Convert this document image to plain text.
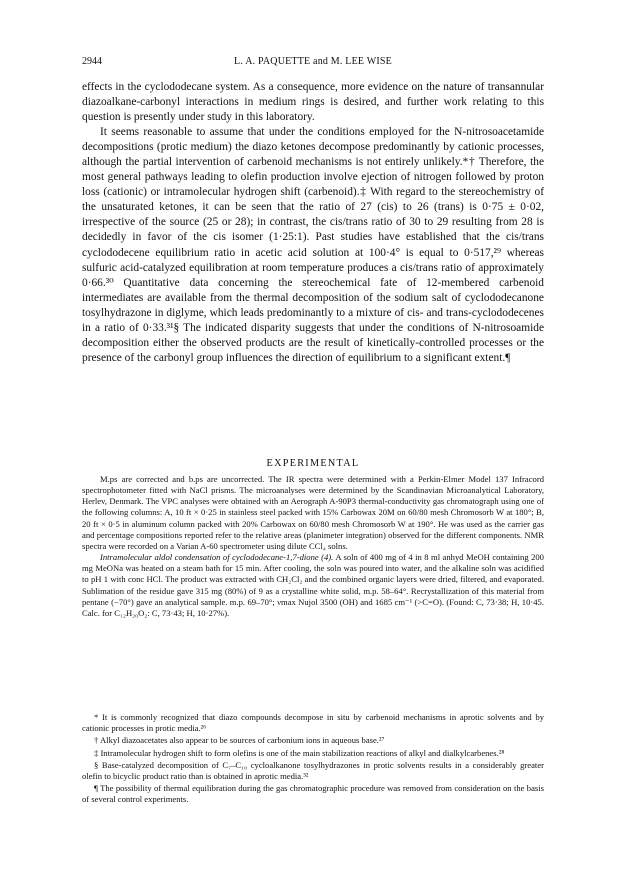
2944	L. A. PAQUETTE and M. LEE WISE

effects in the cyclododecane system. As a consequence, more evidence on the nature of transannular diazoalkane-carbonyl interactions in medium rings is desired, and further work relating to this question is presently under study in this laboratory.

It seems reasonable to assume that under the conditions employed for the N-nitrosoacetamide decompositions (protic medium) the diazo ketones decompose predominantly by cationic processes, although the partial intervention of carbenoid mechanisms is not entirely unlikely.*† Therefore, the most general pathways leading to olefin production involve ejection of nitrogen followed by proton loss (cationic) or intramolecular hydrogen shift (carbenoid).‡ With regard to the stereochemistry of the unsaturated ketones, it can be seen that the ratio of 27 (cis) to 26 (trans) is 0·75 ± 0·02, irrespective of the source (25 or 28); in contrast, the cis/trans ratio of 30 to 29 resulting from 28 is decidedly in favor of the cis isomer (1·25:1). Past studies have established that the cis/trans cyclododecene equilibrium ratio in acetic acid solution at 100·4° is equal to 0·517,²⁹ whereas sulfuric acid-catalyzed equilibration at room temperature produces a cis/trans ratio of approximately 0·66.³⁰ Quantitative data concerning the stereochemical fate of 12-membered carbenoid intermediates are available from the thermal decomposition of the sodium salt of cyclododecanone tosylhydrazone in diglyme, which leads predominantly to a mixture of cis- and trans-cyclododecenes in a ratio of 0·33.³¹§ The indicated disparity suggests that under the conditions of N-nitrosoamide decomposition either the observed products are the result of kinetically-controlled processes or the presence of the carbonyl group influences the direction of equilibrium to a significant extent.¶

EXPERIMENTAL

M.ps are corrected and b.ps are uncorrected. The IR spectra were determined with a Perkin-Elmer Model 137 Infracord spectrophotometer fitted with NaCl prisms. The microanalyses were determined by the Scandinavian Microanalytical Laboratory, Herlev, Denmark. The VPC analyses were obtained with an Aerograph A-90P3 thermal-conductivity gas chromatograph using one of the following columns: A, 10 ft × 0·25 in stainless steel packed with 15% Carbowax 20M on 60/80 mesh Chromosorb W at 180°; B, 20 ft × 0·5 in aluminum column packed with 20% Carbowax on 60/80 mesh Chromosorb W at 190°. He was used as the carrier gas and percentage compositions reported refer to the relative areas (planimeter integration) observed for the different components. NMR spectra were recorded on a Varian A-60 spectrometer using dilute CCl₄ solns.

Intramolecular aldol condensation of cyclododecane-1,7-dione (4). A soln of 400 mg of 4 in 8 ml anhyd MeOH containing 200 mg MeONa was heated on a steam bath for 15 min. After cooling, the soln was poured into water, and the alkaline soln was acidified to pH 1 with conc HCl. The product was extracted with CH₂Cl₂ and the combined organic layers were dried, filtered, and evaporated. Sublimation of the residue gave 315 mg (80%) of 9 as a crystalline white solid, m.p. 58–64°. Recrystallization of this material from pentane (−70°) gave an analytical sample. m.p. 69–70°; νmax Nujol 3500 (OH) and 1685 cm⁻¹ (>C=O). (Found: C, 73·38; H, 10·45. Calc. for C₁₂H₂₀O₂: C, 73·43; H, 10·27%).

* It is commonly recognized that diazo compounds decompose in situ by carbenoid mechanisms in aprotic solvents and by cationic processes in protic media.²⁶

† Alkyl diazoacetates also appear to be sources of carbonium ions in aqueous base.²⁷

‡ Intramolecular hydrogen shift to form olefins is one of the main stabilization reactions of alkyl and dialkylcarbenes.²⁸

§ Base-catalyzed decomposition of C₇–C₁₀ cycloalkanone tosylhydrazones in protic solvents results in a considerably greater olefin to bicyclic product ratio than is obtained in aprotic media.³²

¶ The possibility of thermal equilibration during the gas chromatographic procedure was removed from consideration on the basis of several control experiments.
